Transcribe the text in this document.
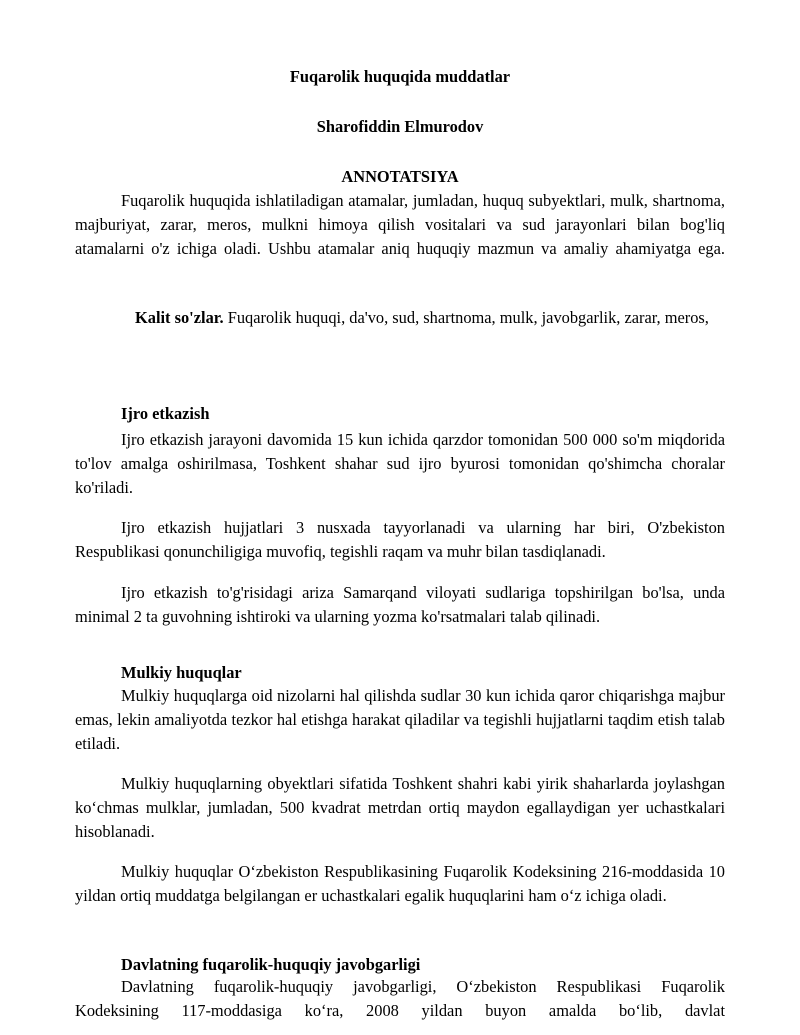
Fuqarolik huquqida muddatlar
Sharofiddin Elmurodov
ANNOTATSIYA
Fuqarolik huquqida ishlatiladigan atamalar, jumladan, huquq subyektlari, mulk, shartnoma, majburiyat, zarar, meros, mulkni himoya qilish vositalari va sud jarayonlari bilan bog'liq atamalarni o'z ichiga oladi. Ushbu atamalar aniq huquqiy mazmun va amaliy ahamiyatga ega.
Kalit so'zlar. Fuqarolik huquqi, da'vo, sud, shartnoma, mulk, javobgarlik, zarar, meros,
Ijro etkazish
Ijro etkazish jarayoni davomida 15 kun ichida qarzdor tomonidan 500 000 so'm miqdorida to'lov amalga oshirilmasa, Toshkent shahar sud ijro byurosi tomonidan qo'shimcha choralar ko'riladi.
Ijro etkazish hujjatlari 3 nusxada tayyorlanadi va ularning har biri, O'zbekiston Respublikasi qonunchiligiga muvofiq, tegishli raqam va muhr bilan tasdiqlanadi.
Ijro etkazish to'g'risidagi ariza Samarqand viloyati sudlariga topshirilgan bo'lsa, unda minimal 2 ta guvohning ishtiroki va ularning yozma ko'rsatmalari talab qilinadi.
Mulkiy huquqlar
Mulkiy huquqlarga oid nizolarni hal qilishda sudlar 30 kun ichida qaror chiqarishga majbur emas, lekin amaliyotda tezkor hal etishga harakat qiladilar va tegishli hujjatlarni taqdim etish talab etiladi.
Mulkiy huquqlarning obyektlari sifatida Toshkent shahri kabi yirik shaharlarda joylashgan ko‘chmas mulklar, jumladan, 500 kvadrat metrdan ortiq maydon egallaydigan yer uchastkalari hisoblanadi.
Mulkiy huquqlar O‘zbekiston Respublikasining Fuqarolik Kodeksining 216-moddasida 10 yildan ortiq muddatga belgilangan er uchastkalari egalik huquqlarini ham o‘z ichiga oladi.
Davlatning fuqarolik-huquqiy javobgarligi
Davlatning fuqarolik-huquqiy javobgarligi, O‘zbekiston Respublikasi Fuqarolik Kodeksining 117-moddasiga ko‘ra, 2008 yildan buyon amalda bo‘lib, davlat
